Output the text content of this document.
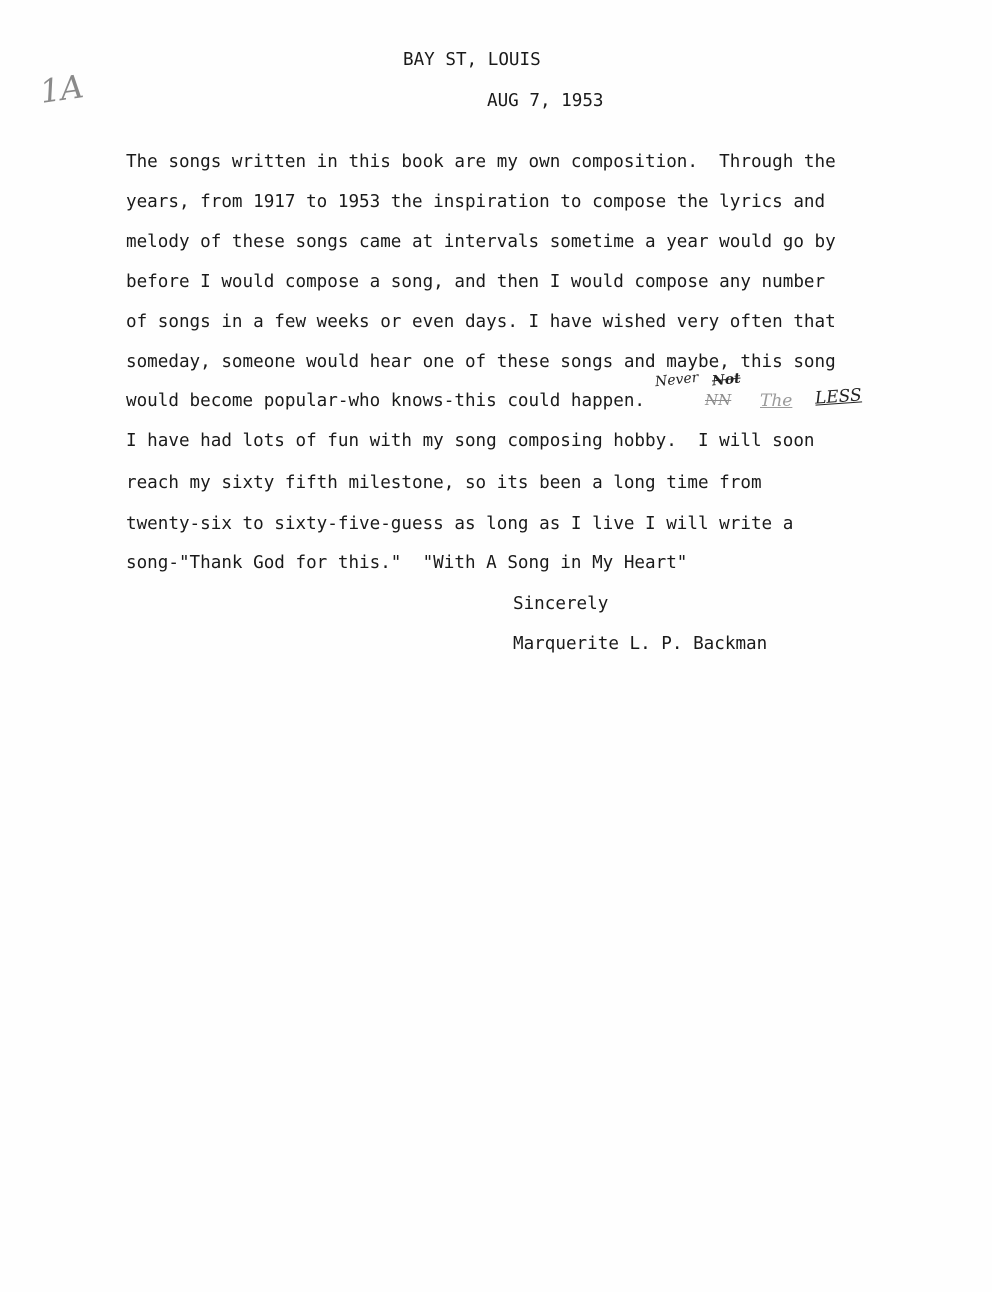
1A
BAY ST, LOUIS
AUG 7, 1953
The songs written in this book are my own composition.  Through the
years, from 1917 to 1953 the inspiration to compose the lyrics and
melody of these songs came at intervals sometime a year would go by
before I would compose a song, and then I would compose any number
of songs in a few weeks or even days. I have wished very often that
someday, someone would hear one of these songs and maybe, this song
would become popular-who knows-this could happen.	NN
Never Not
The LESS
I have had lots of fun with my song composing hobby.  I will soon
reach my sixty fifth milestone, so its been a long time from
twenty-six to sixty-five-guess as long as I live I will write a
song-"Thank God for this."  "With A Song in My Heart"
Sincerely
Marquerite L. P. Backman
